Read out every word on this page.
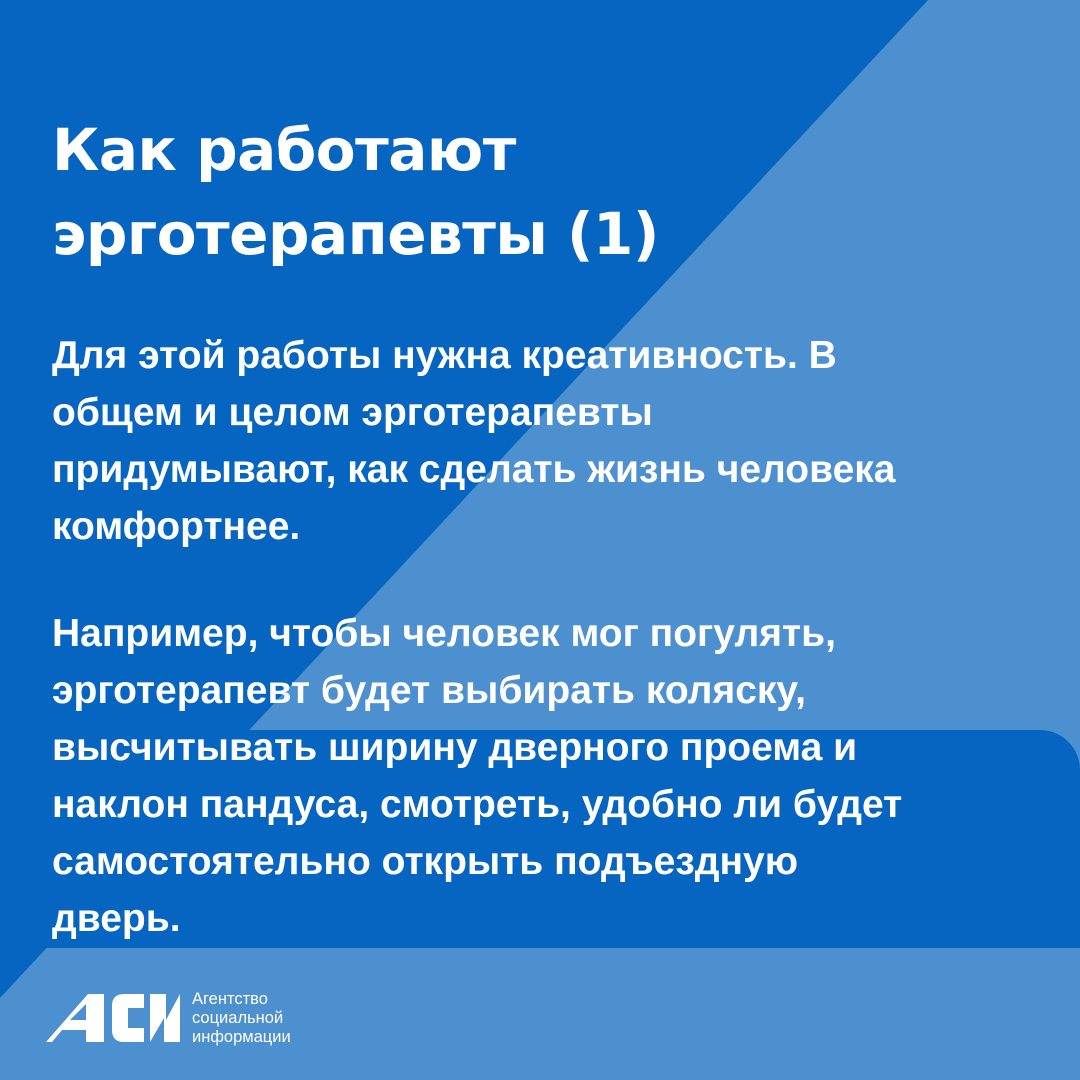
Как работают
эрготерапевты (1)

Для этой работы нужна креативность. В
общем и целом эрготерапевты
придумывают, как сделать жизнь человека
комфортнее.

Например, чтобы человек мог погулять,
эрготерапевт будет выбирать коляску,
высчитывать ширину дверного проема и
наклон пандуса, смотреть, удобно ли будет
самостоятельно открыть подъездную
дверь.

Агентство
социальной
информации
